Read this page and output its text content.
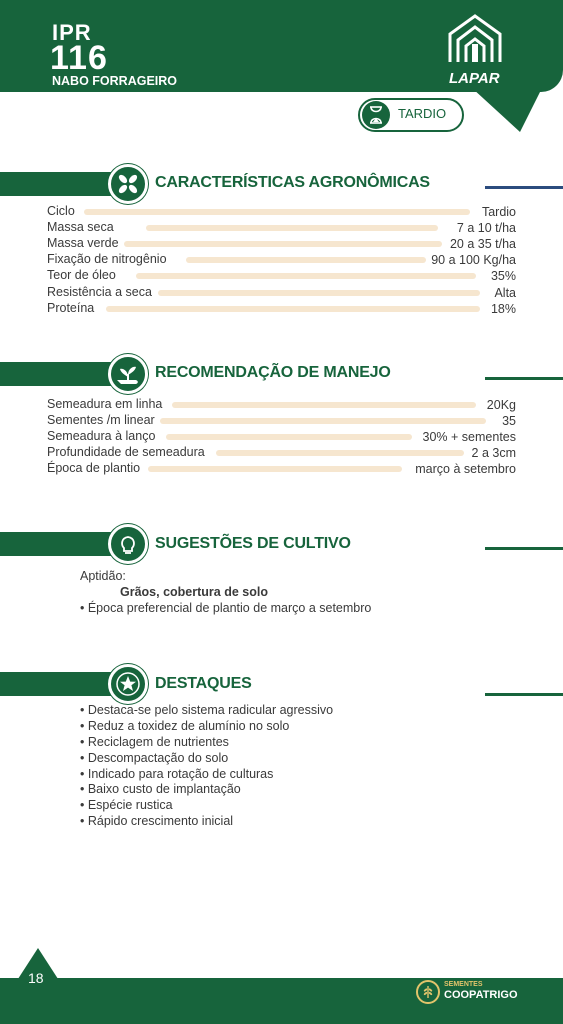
IPR
116
NABO FORRAGEIRO	LAPAR
TARDIO
CARACTERÍSTICAS AGRONÔMICAS
Ciclo	Tardio
Massa seca	7 a 10 t/ha
Massa verde	20 a 35 t/ha
Fixação de nitrogênio	90 a 100 Kg/ha
Teor de óleo	35%
Resistência a seca	Alta
Proteína	18%
RECOMENDAÇÃO DE MANEJO
Semeadura em linha	20Kg
Sementes /m linear	35
Semeadura à lanço	30% + sementes
Profundidade de semeadura	2 a 3cm
Época de plantio	março à setembro
SUGESTÕES DE CULTIVO
Aptidão:
Grãos, cobertura de solo
• Época preferencial de plantio de março a setembro
DESTAQUES
• Destaca-se pelo sistema radicular agressivo
• Reduz a toxidez de alumínio no solo
• Reciclagem de nutrientes
• Descompactação do solo
• Indicado para rotação de culturas
• Baixo custo de implantação
• Espécie rustica
• Rápido crescimento inicial
18	SEMENTES
COOPATRIGO
